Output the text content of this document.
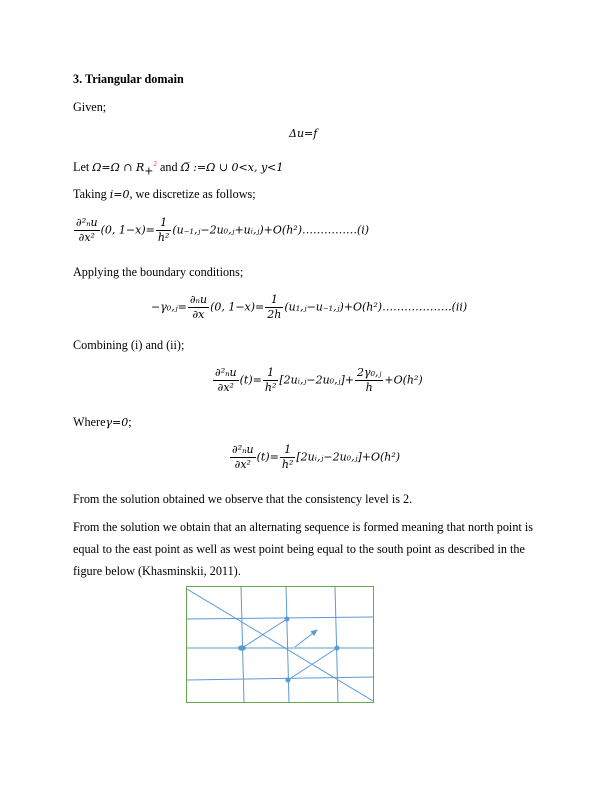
3. Triangular domain
Given;
Δu=f
Let Ω=Ω ∩ $R_+^2$ and Ω̅ :=Ω ∪ 0<x, y<1
Taking i=0, we discretize as follows;
$\frac{\text{∂²ₙu}}{\text{∂x²}} (0$, $1-x)= \frac{1}{\text{h²}}$ (u₋₁,ⱼ−2u₀,ⱼ+uᵢ,ⱼ)+O(h²)……………(i)
Applying the boundary conditions;
−γ₀,ⱼ= $\frac{\text{∂ₙu}}{\partial x} (0$, $1-x)= \frac{1}{2h}$ (u₁,ⱼ−u₋₁,ⱼ)+O(h²)……………….(ii)
Combining (i) and (ii);
$\frac{\text{∂²ₙu}}{\text{∂x²}} (t)= \frac{1}{\text{h²}}$ [2uᵢ,ⱼ−2u₀,ⱼ]+ $\frac{\text{2γ₀,ⱼ}}{h} +O(h^2)$
Whereγ=0;
$\frac{\text{∂²ₙu}}{\text{∂x²}} (t)= \frac{1}{\text{h²}}$ [2uᵢ,ⱼ−2u₀,ⱼ]+O(h²)
From the solution obtained we observe that the consistency level is 2.
From the solution we obtain that an alternating sequence is formed meaning that north point is
equal to the east point as well as west point being equal to the south point as described in the
figure below (Khasminskii, 2011).
